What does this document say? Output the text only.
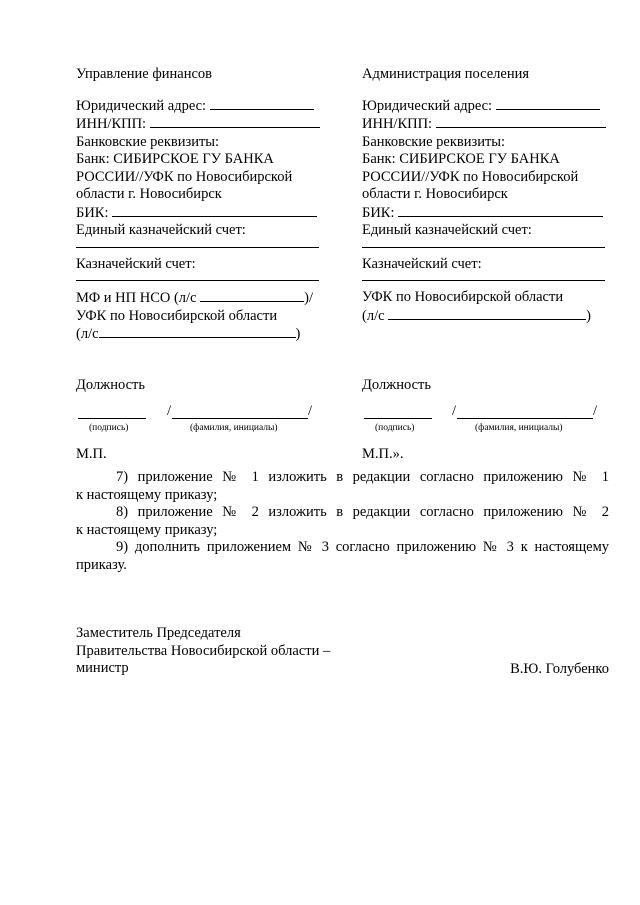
Управление финансов
Юридический адрес:
ИНН/КПП:
Банковские реквизиты:
Банк: СИБИРСКОЕ ГУ БАНКА
РОССИИ//УФК по Новосибирской
области г. Новосибирск
БИК:
Единый казначейский счет:
Казначейский счет:
МФ и НП НСО (л/с	)/
УФК по Новосибирской области
(л/с	)
Администрация поселения
Юридический адрес:
ИНН/КПП:
Банковские реквизиты:
Банк: СИБИРСКОЕ ГУ БАНКА
РОССИИ//УФК по Новосибирской
области г. Новосибирск
БИК:
Единый казначейский счет:
Казначейский счет:
УФК по Новосибирской области
(л/с	)
Должность	Должность
/	/
(подпись)	(фамилия, инициалы)
/	/
(подпись)	(фамилия, инициалы)
М.П.	М.П.».
7) приложение № 1 изложить в редакции согласно приложению № 1
к настоящему приказу;
8) приложение № 2 изложить в редакции согласно приложению № 2
к настоящему приказу;
9) дополнить приложением № 3 согласно приложению № 3 к настоящему
приказу.
Заместитель Председателя
Правительства Новосибирской области –
министр	В.Ю. Голубенко
